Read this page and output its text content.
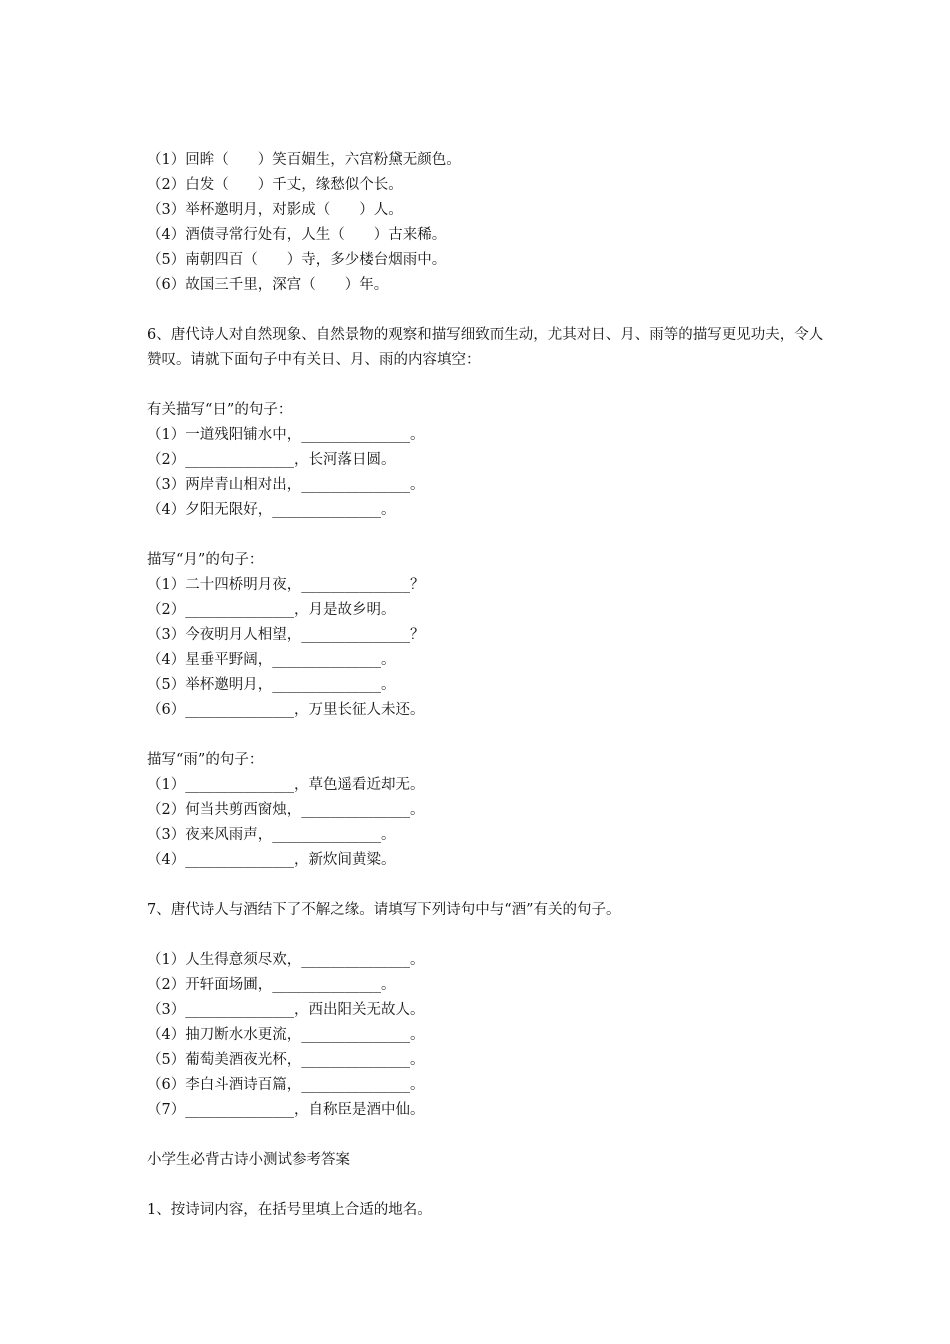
（1）回眸（　　）笑百媚生，六宫粉黛无颜色。
（2）白发（　　）千丈，缘愁似个长。
（3）举杯邀明月，对影成（　　）人。
（4）酒债寻常行处有，人生（　　）古来稀。
（5）南朝四百（　　）寺，多少楼台烟雨中。
（6）故国三千里，深宫（　　）年。
6、唐代诗人对自然现象、自然景物的观察和描写细致而生动，尤其对日、月、雨等的描写更见功夫，令人赞叹。请就下面句子中有关日、月、雨的内容填空：
有关描写“日”的句子：
（1）一道残阳铺水中，_______________。
（2）_______________，长河落日圆。
（3）两岸青山相对出，_______________。
（4）夕阳无限好，_______________。
描写“月”的句子：
（1）二十四桥明月夜，_______________？
（2）_______________，月是故乡明。
（3）今夜明月人相望，_______________？
（4）星垂平野阔，_______________。
（5）举杯邀明月，_______________。
（6）_______________，万里长征人未还。
描写“雨”的句子：
（1）_______________，草色遥看近却无。
（2）何当共剪西窗烛，_______________。
（3）夜来风雨声，_______________。
（4）_______________，新炊间黄粱。
7、唐代诗人与酒结下了不解之缘。请填写下列诗句中与“酒”有关的句子。
（1）人生得意须尽欢，_______________。
（2）开轩面场圃，_______________。
（3）_______________，西出阳关无故人。
（4）抽刀断水水更流，_______________。
（5）葡萄美酒夜光杯，_______________。
（6）李白斗酒诗百篇，_______________。
（7）_______________，自称臣是酒中仙。
小学生必背古诗小测试参考答案
1、按诗词内容，在括号里填上合适的地名。
